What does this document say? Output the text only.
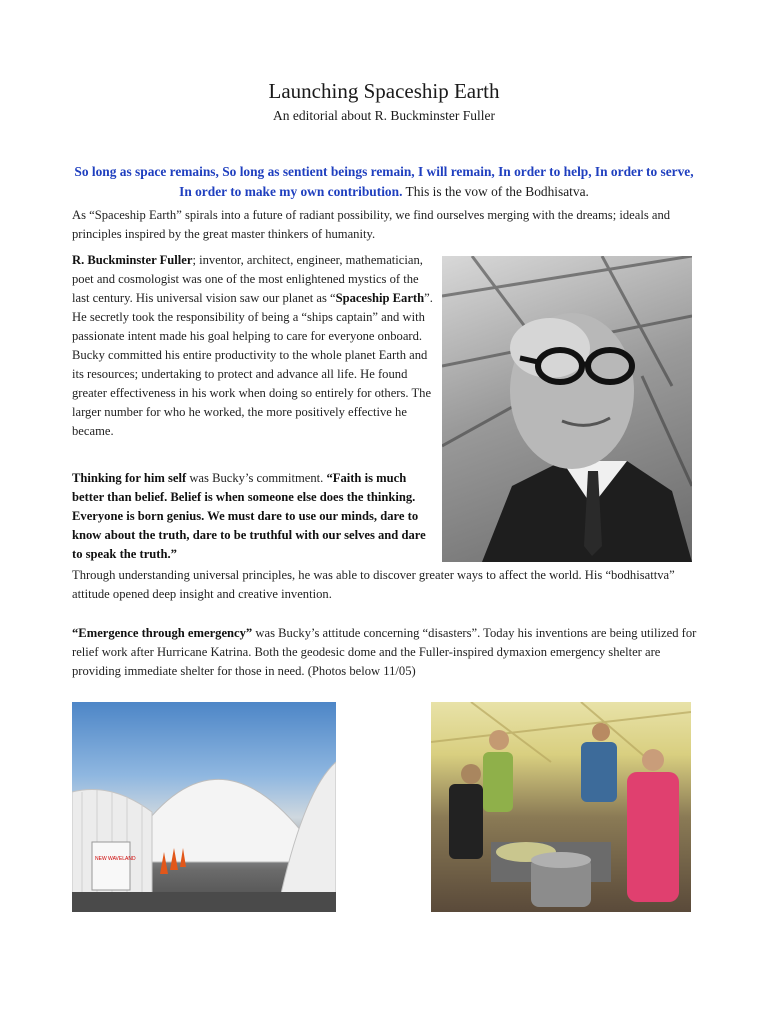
Launching Spaceship Earth
An editorial about R. Buckminster Fuller
So long as space remains, So long as sentient beings remain, I will remain, In order to help, In order to serve, In order to make my own contribution. This is the vow of the Bodhisatva.
As “Spaceship Earth” spirals into a future of radiant possibility, we find ourselves merging with the dreams; ideals and principles inspired by the great master thinkers of humanity.
R. Buckminster Fuller; inventor, architect, engineer, mathematician, poet and cosmologist was one of the most enlightened mystics of the last century. His universal vision saw our planet as “Spaceship Earth”. He secretly took the responsibility of being a “ships captain” and with passionate intent made his goal helping to care for everyone onboard. Bucky committed his entire productivity to the whole planet Earth and its resources; undertaking to protect and advance all life. He found greater effectiveness in his work when doing so entirely for others. The larger number for who he worked, the more positively effective he became.
Thinking for him self was Bucky’s commitment. “Faith is much better than belief. Belief is when someone else does the thinking. Everyone is born genius. We must dare to use our minds, dare to know about the truth, dare to be truthful with our selves and dare to speak the truth.”
Through understanding universal principles, he was able to discover greater ways to affect the world. His “bodhisattva” attitude opened deep insight and creative invention.
“Emergence through emergency” was Bucky’s attitude concerning “disasters”. Today his inventions are being utilized for relief work after Hurricane Katrina. Both the geodesic dome and the Fuller-inspired dymaxion emergency shelter are providing immediate shelter for those in need. (Photos below 11/05)
NEW WAVELAND
